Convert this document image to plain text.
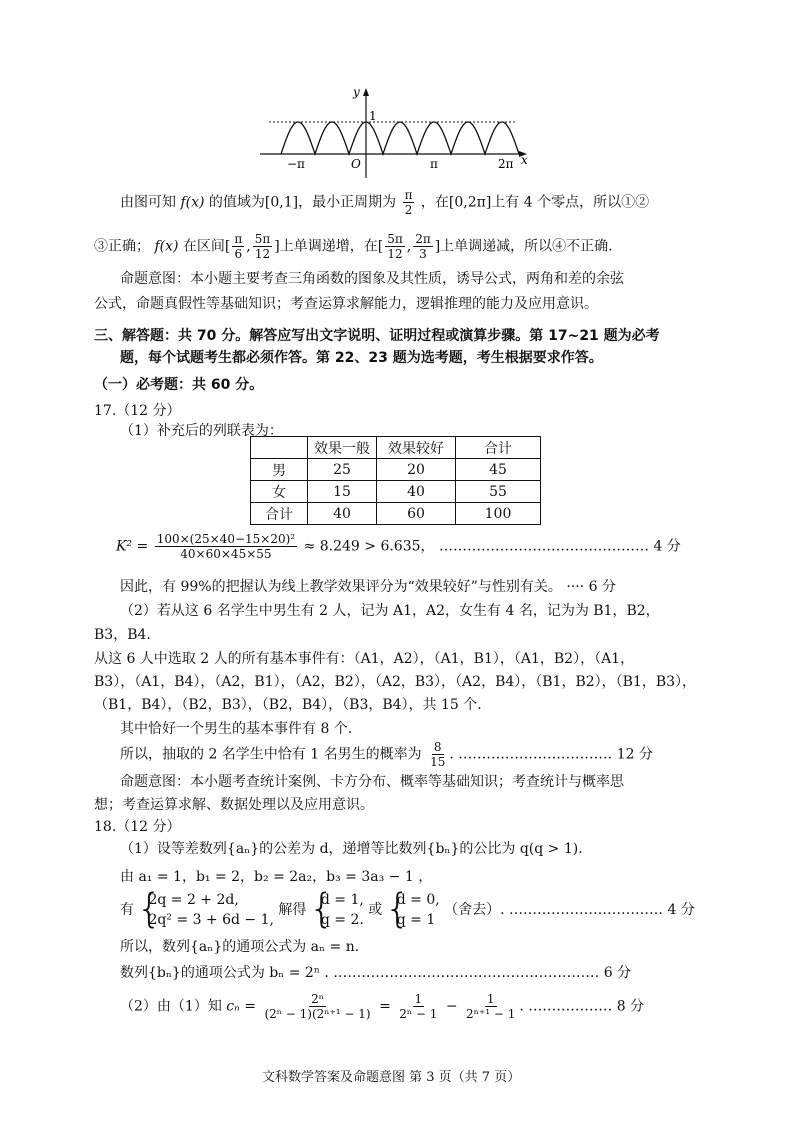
y
1
−π	O	π	2π x
由图可知 f(x) 的值域为[0,1]，最小正周期为 $\frac{\pi}{2}$ ，在[0,2π]上有 4 个零点，所以①②
③正确； f(x) 在区间[ $\frac{\pi}{6}$ , $\frac{5\pi}{12}$ ]上单调递增，在[ $\frac{5\pi}{12}$ , $\frac{2\pi}{3}$ ]上单调递减，所以④不正确.
命题意图：本小题主要考查三角函数的图象及其性质，诱导公式，两角和差的余弦
公式，命题真假性等基础知识；考查运算求解能力，逻辑推理的能力及应用意识。
三、解答题：共 70 分。解答应写出文字说明、证明过程或演算步骤。第 17~21 题为必考
题，每个试题考生都必须作答。第 22、23 题为选考题，考生根据要求作答。
（一）必考题：共 60 分。
17.（12 分）
（1）补充后的列联表为：
	效果一般	效果较好	合计
男	25	20	45
女	15	40	55
合计	40	60	100
$K^2 = \frac{\text{100×(25×40−15×20)²}}{40\times 60\times 45\times 55} \approx 8.249 > 6.635$， ……………………………………… 4 分
因此，有 99%的把握认为线上教学效果评分为“效果较好”与性别有关。 ···· 6 分
（2）若从这 6 名学生中男生有 2 人，记为 A1，A2，女生有 4 名，记为为 B1，B2，
B3，B4.
从这 6 人中选取 2 人的所有基本事件有：（A1，A2），（A1，B1），（A1，B2），（A1，
B3），（A1，B4），（A2，B1），（A2，B2），（A2，B3），（A2，B4），（B1，B2），（B1，B3），
（B1，B4），（B2，B3），（B2，B4），（B3，B4），共 15 个.
其中恰好一个男生的基本事件有 8 个.
所以，抽取的 2 名学生中恰有 1 名男生的概率为 $\frac{8}{15}$ . …………………………… 12 分
命题意图：本小题考查统计案例、卡方分布、概率等基础知识；考查统计与概率思
想；考查运算求解、数据处理以及应用意识。
18.（12 分）
（1）设等差数列{aₙ}的公差为 d，递增等比数列{bₙ}的公比为 q(q > 1).
由 a₁ = 1，b₁ = 2，b₂ = 2a₂，b₃ = 3a₃ − 1 ，
有 { 2q = 2 + 2d,
2q² = 3 + 6d − 1, 解得 { d = 1,
q = 2. 或 { d = 0,
q = 1 （舍去）. …………………………… 4 分
所以，数列{aₙ}的通项公式为 aₙ = n.
数列{bₙ}的通项公式为 bₙ = 2ⁿ . ………………………………………………… 6 分
（2）由（1）知 $c_n = \frac{\text{2ⁿ}}{\text{(2ⁿ − 1)(2ⁿ⁺¹ − 1)}} = \frac{1}{\text{2ⁿ − 1}} - \frac{1}{\text{2ⁿ⁺¹ − 1}}$ . ……………… 8 分
文科数学答案及命题意图 第 3 页（共 7 页）
